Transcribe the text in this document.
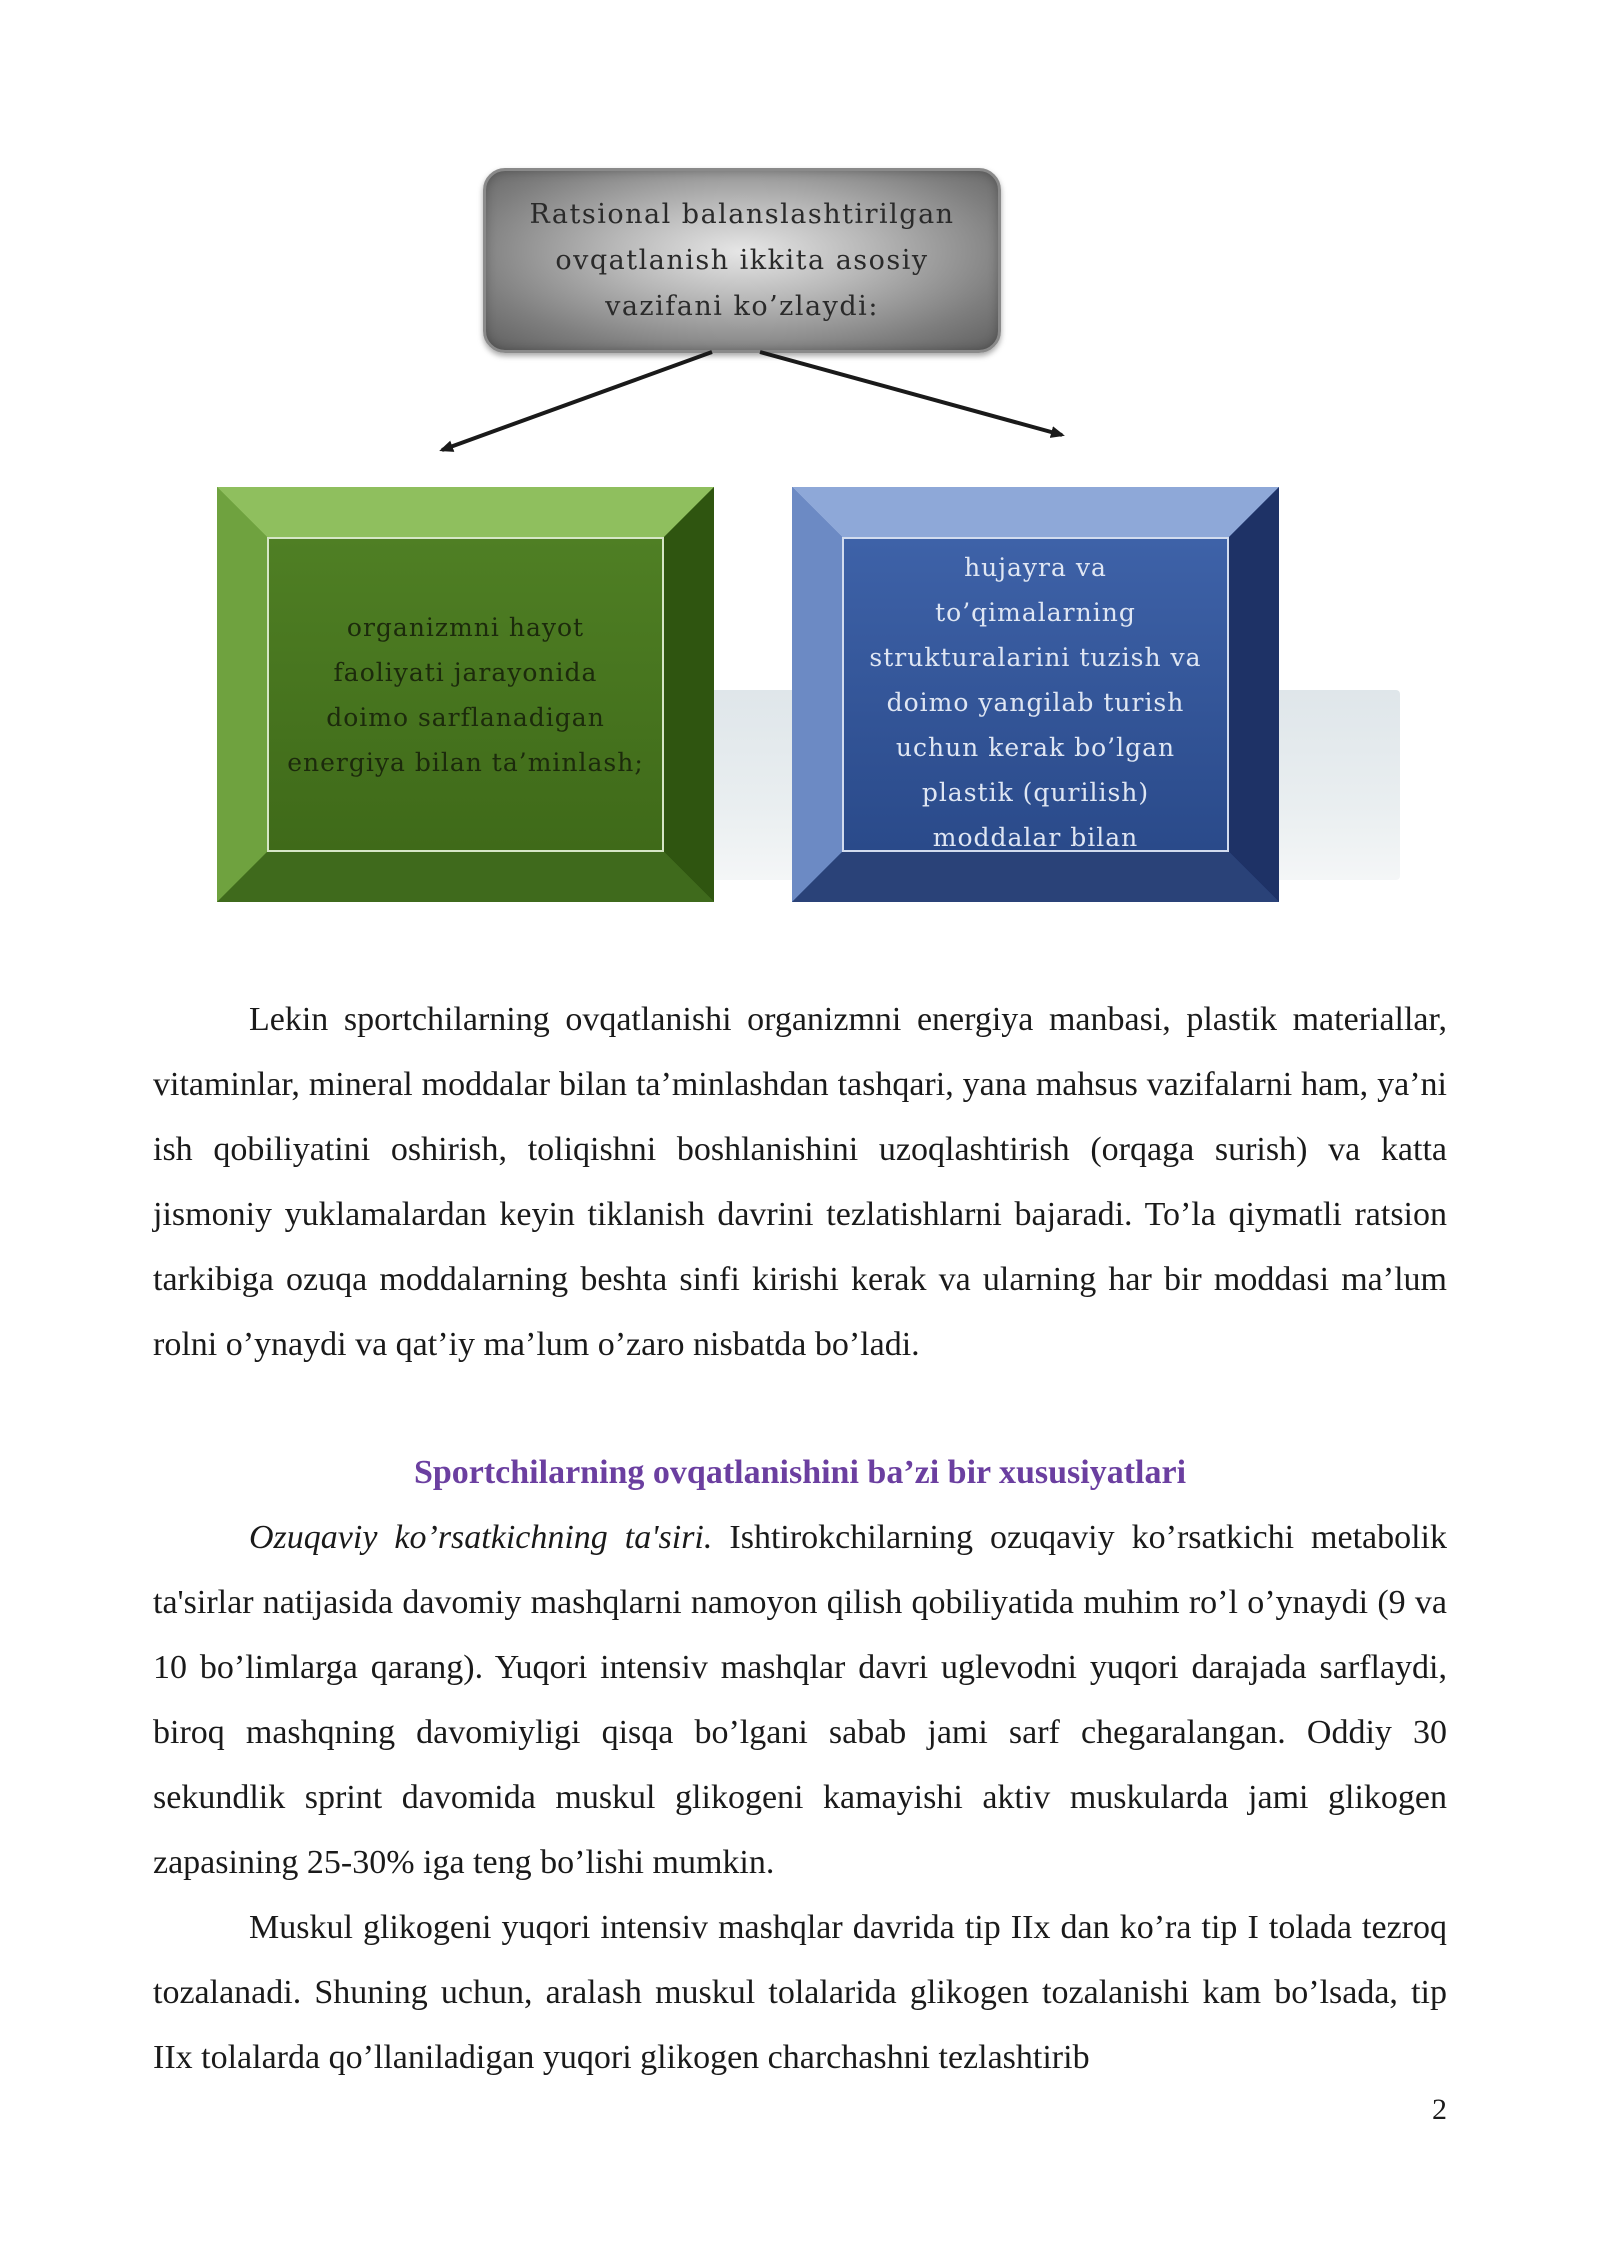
Ratsional balanslashtirilgan
ovqatlanish ikkita asosiy
vazifani ko’zlaydi:
organizmni hayot
faoliyati jarayonida
doimo sarflanadigan
energiya bilan ta’minlash;
hujayra va
to’qimalarning
strukturalarini tuzish va
doimo yangilab turish
uchun kerak bo’lgan
plastik (qurilish)
moddalar bilan

Lekin sportchilarning ovqatlanishi organizmni energiya manbasi, plastik materiallar, vitaminlar, mineral moddalar bilan ta’minlashdan tashqari, yana mahsus vazifalarni ham, ya’ni ish qobiliyatini oshirish, toliqishni boshlanishini uzoqlashtirish (orqaga surish) va katta jismoniy yuklamalardan keyin tiklanish davrini tezlatishlarni bajaradi. To’la qiymatli ratsion tarkibiga ozuqa moddalarning beshta sinfi kirishi kerak va ularning har bir moddasi ma’lum rolni o’ynaydi va qat’iy ma’lum o’zaro nisbatda bo’ladi.

Sportchilarning ovqatlanishini ba’zi bir xususiyatlari

Ozuqaviy ko’rsatkichning ta'siri. Ishtirokchilarning ozuqaviy ko’rsatkichi metabolik ta'sirlar natijasida davomiy mashqlarni namoyon qilish qobiliyatida muhim ro’l o’ynaydi (9 va 10 bo’limlarga qarang). Yuqori intensiv mashqlar davri uglevodni yuqori darajada sarflaydi, biroq mashqning davomiyligi qisqa bo’lgani sabab jami sarf chegaralangan. Oddiy 30 sekundlik sprint davomida muskul glikogeni kamayishi aktiv muskularda jami glikogen zapasining 25-30% iga teng bo’lishi mumkin.

Muskul glikogeni yuqori intensiv mashqlar davrida tip IIx dan ko’ra tip I tolada tezroq tozalanadi. Shuning uchun, aralash muskul tolalarida glikogen tozalanishi kam bo’lsada, tip IIx tolalarda qo’llaniladigan yuqori glikogen charchashni tezlashtirib

2
